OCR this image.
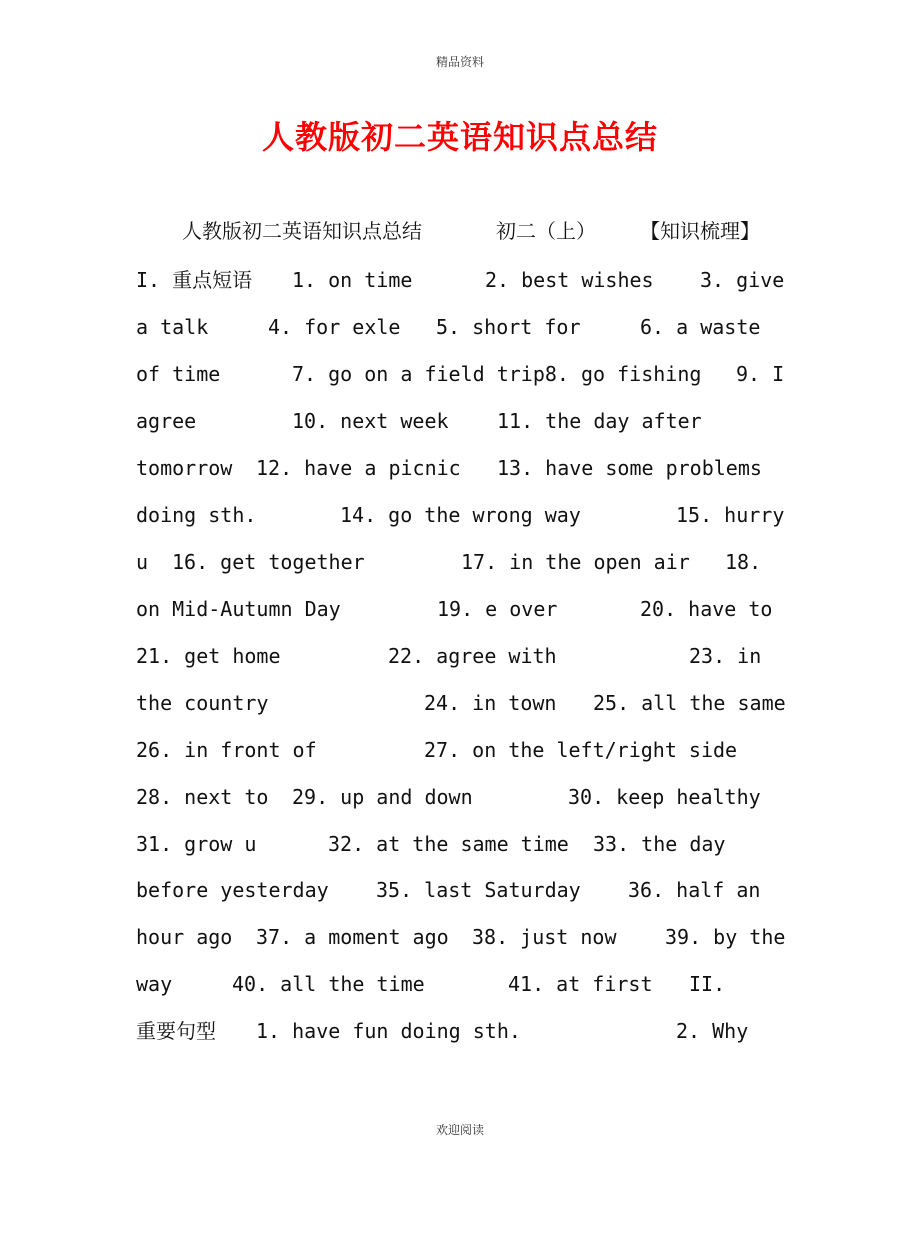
精品资料
人教版初二英语知识点总结

人教版初二英语知识点总结

	初二（上）

【知识梳理】

I. 重点短语

1. on time

	2. best wishes

3. give

a talk

	4. for exle

5. short for

	6. a waste

of time

	7. go on a field trip8. go fishing

9. I

agree

	10. next week

11. the day after

tomorrow

12. have a picnic

13. have some problems

doing sth.

	14. go the wrong way

	15. hurry

u

16. get together

	17. in the open air

18.

on Mid-Autumn Day

	19. e over

	20. have to

21. get home

	22. agree with

	23. in

the country

	24. in town

25. all the same

26. in front of

	27. on the left/right side

28. next to

29. up and down

	30. keep healthy

31. grow u

	32. at the same time

33. the day

before yesterday

35. last Saturday

36. half an

hour ago

37. a moment ago

38. just now

39. by the

way

	40. all the time

	41. at first

II.

重要句型

1. have fun doing sth.

	2. Why

欢迎阅读
